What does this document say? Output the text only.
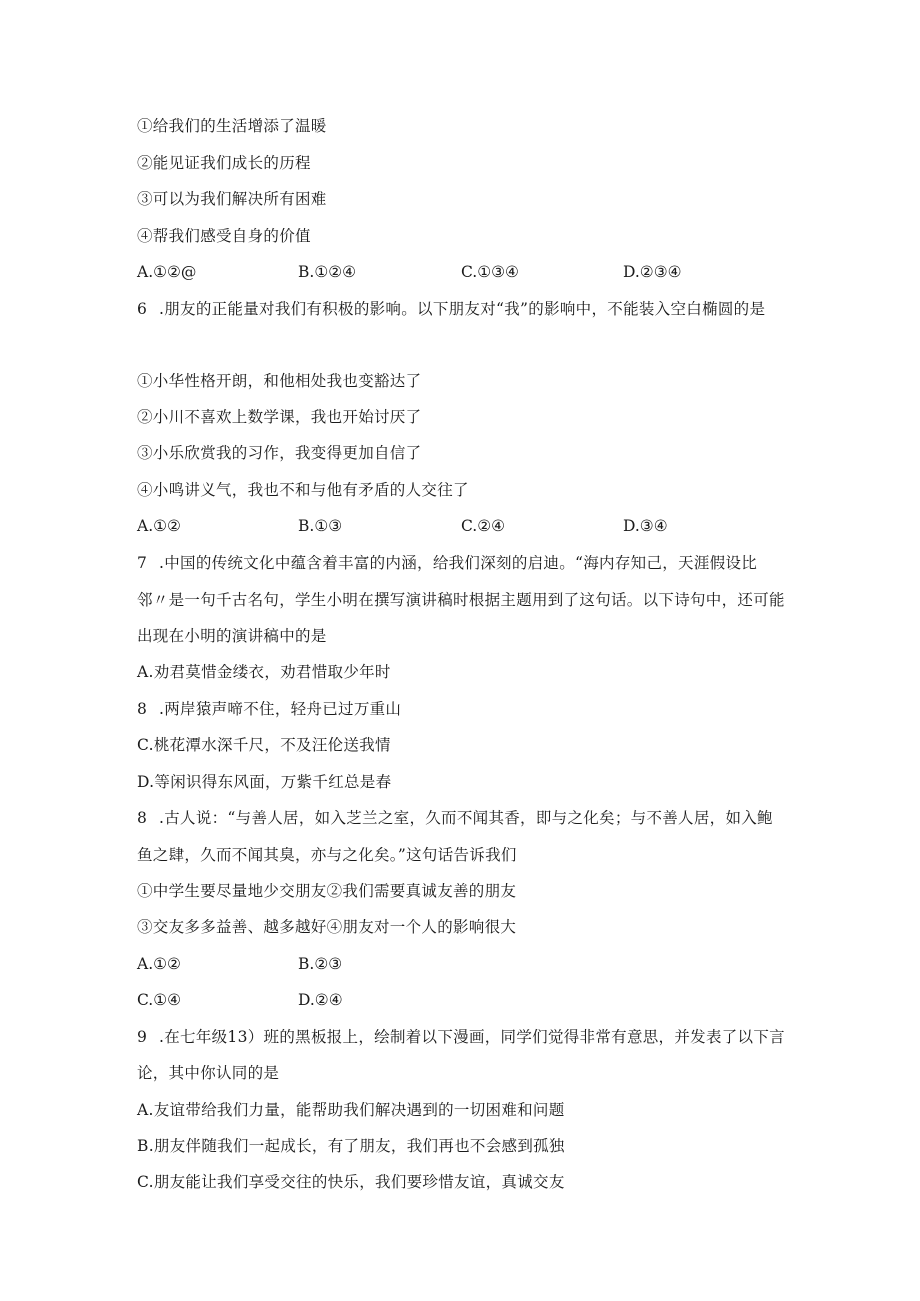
①给我们的生活增添了温暖
②能见证我们成长的历程
③可以为我们解决所有困难
④帮我们感受自身的价值
A.①②@	B.①②④	C.①③④	D.②③④
6 .朋友的正能量对我们有积极的影响。以下朋友对“我”的影响中，不能装入空白椭圆的是
①小华性格开朗，和他相处我也变豁达了
②小川不喜欢上数学课，我也开始讨厌了
③小乐欣赏我的习作，我变得更加自信了
④小鸣讲义气，我也不和与他有矛盾的人交往了
A.①②	B.①③	C.②④	D.③④
7 .中国的传统文化中蕴含着丰富的内涵，给我们深刻的启迪。“海内存知己，天涯假设比
邻〃是一句千古名句，学生小明在撰写演讲稿时根据主题用到了这句话。以下诗句中，还可能
出现在小明的演讲稿中的是
A.劝君莫惜金缕衣，劝君惜取少年时
8 .两岸猿声啼不住，轻舟已过万重山
C.桃花潭水深千尺，不及汪伦送我情
D.等闲识得东风面，万紫千红总是春
8 .古人说：“与善人居，如入芝兰之室，久而不闻其香，即与之化矣；与不善人居，如入鲍
鱼之肆，久而不闻其臭，亦与之化矣。”这句话告诉我们
①中学生要尽量地少交朋友②我们需要真诚友善的朋友
③交友多多益善、越多越好④朋友对一个人的影响很大
A.①②	B.②③
C.①④	D.②④
9 .在七年级13）班的黑板报上，绘制着以下漫画，同学们觉得非常有意思，并发表了以下言
论，其中你认同的是
A.友谊带给我们力量，能帮助我们解决遇到的一切困难和问题
B.朋友伴随我们一起成长，有了朋友，我们再也不会感到孤独
C.朋友能让我们享受交往的快乐，我们要珍惜友谊，真诚交友
